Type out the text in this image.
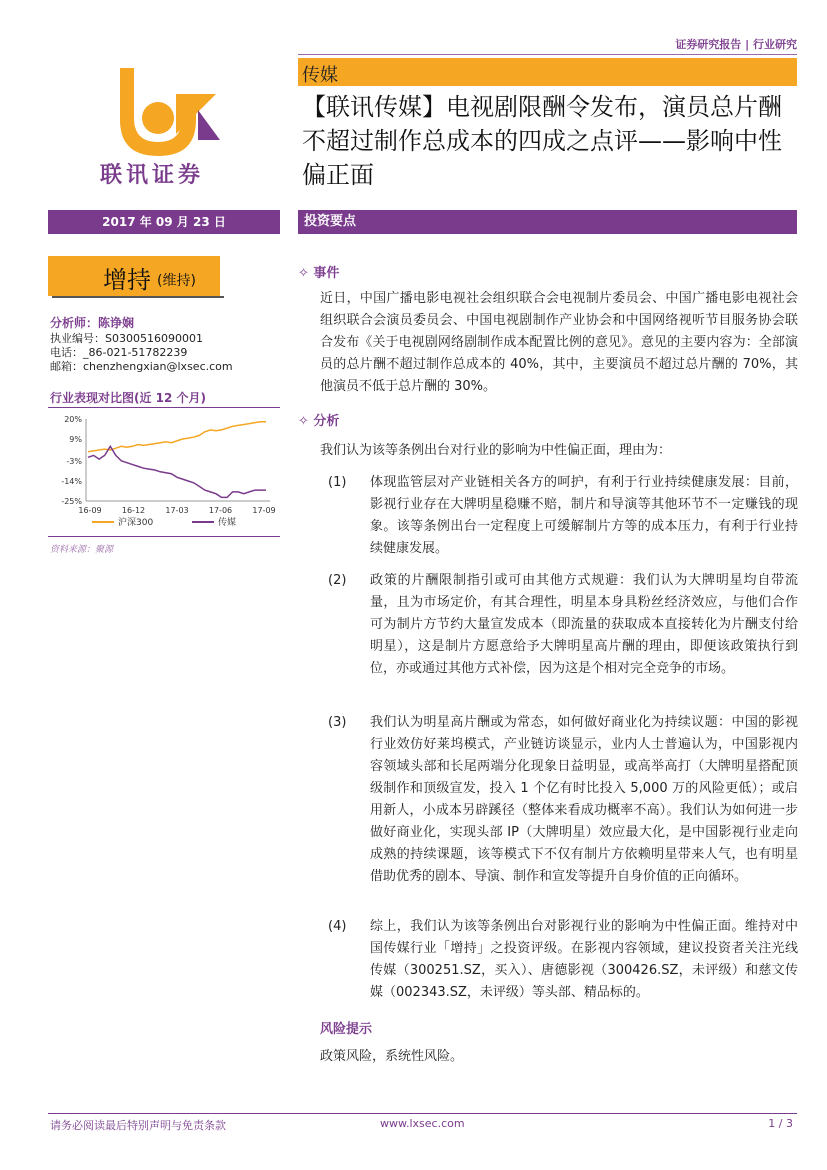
证券研究报告 | 行业研究
联讯证券
传媒
【联讯传媒】电视剧限酬令发布，演员总片酬不超过制作总成本的四成之点评——影响中性偏正面
2017 年 09 月 23 日
增持 (维持)
分析师：陈诤娴
执业编号：S0300516090001
电话：_86-021-51782239
邮箱：chenzhengxian@lxsec.com
行业表现对比图(近 12 个月)
20%
9%
-3%
-14%
-25%
16-09	16-12	17-03	17-06	17-09
沪深300	传媒
资料来源：聚源
投资要点
✧ 事件
近日，中国广播电影电视社会组织联合会电视制片委员会、中国广播电影电视社会组织联合会演员委员会、中国电视剧制作产业协会和中国网络视听节目服务协会联合发布《关于电视剧网络剧制作成本配置比例的意见》。意见的主要内容为：全部演员的总片酬不超过制作总成本的 40%，其中，主要演员不超过总片酬的 70%，其他演员不低于总片酬的 30%。
✧ 分析
我们认为该等条例出台对行业的影响为中性偏正面，理由为：
(1) 体现监管层对产业链相关各方的呵护，有利于行业持续健康发展：目前，影视行业存在大牌明星稳赚不赔，制片和导演等其他环节不一定赚钱的现象。该等条例出台一定程度上可缓解制片方等的成本压力，有利于行业持续健康发展。
(2) 政策的片酬限制指引或可由其他方式规避：我们认为大牌明星均自带流量，且为市场定价，有其合理性，明星本身具粉丝经济效应，与他们合作可为制片方节约大量宣发成本（即流量的获取成本直接转化为片酬支付给明星），这是制片方愿意给予大牌明星高片酬的理由，即便该政策执行到位，亦或通过其他方式补偿，因为这是个相对完全竞争的市场。
(3) 我们认为明星高片酬或为常态，如何做好商业化为持续议题：中国的影视行业效仿好莱坞模式，产业链访谈显示，业内人士普遍认为，中国影视内容领域头部和长尾两端分化现象日益明显，或高举高打（大牌明星搭配顶级制作和顶级宣发，投入 1 个亿有时比投入 5,000 万的风险更低）；或启用新人，小成本另辟蹊径（整体来看成功概率不高）。我们认为如何进一步做好商业化，实现头部 IP（大牌明星）效应最大化，是中国影视行业走向成熟的持续课题，该等模式下不仅有制片方依赖明星带来人气，也有明星借助优秀的剧本、导演、制作和宣发等提升自身价值的正向循环。
(4) 综上，我们认为该等条例出台对影视行业的影响为中性偏正面。维持对中国传媒行业「增持」之投资评级。在影视内容领域，建议投资者关注光线传媒（300251.SZ，买入）、唐德影视（300426.SZ，未评级）和慈文传媒（002343.SZ，未评级）等头部、精品标的。
风险提示
政策风险，系统性风险。
请务必阅读最后特别声明与免责条款	www.lxsec.com	1 / 3
